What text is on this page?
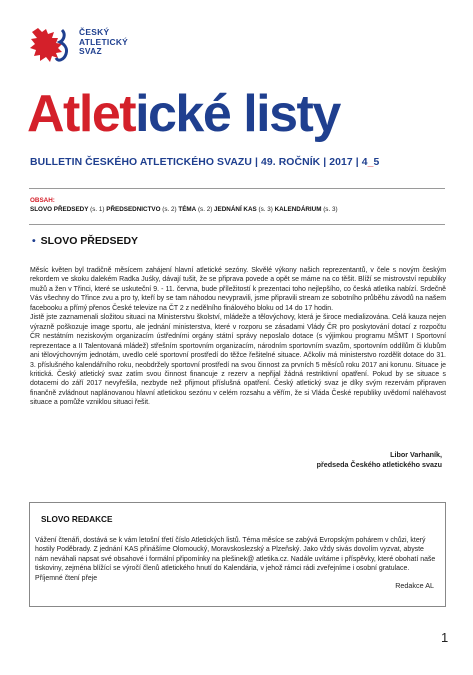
ČESKÝ
ATLETICKÝ
SVAZ
Atletické listy
BULLETIN ČESKÉHO ATLETICKÉHO SVAZU | 49. ROČNÍK | 2017 | 4_5
OBSAH:
SLOVO PŘEDSEDY (s. 1) PŘEDSEDNICTVO (s. 2) TÉMA (s. 2) JEDNÁNÍ KAS (s. 3) KALENDÁRIUM (s. 3)
• SLOVO PŘEDSEDY

Měsíc květen byl tradičně měsícem zahájení hlavní atletické sezóny. Skvělé výkony našich reprezentantů, v čele s novým českým rekordem ve skoku dalekém Radka Juśky, dávají tušit, že se připrava povede a opět se máme na co těšit. Blíží se mistrovství republiky mužů a žen v Třinci, které se uskuteční 9. - 11. června, bude příležitostí k prezentaci toho nejlepšího, co česká atletika nabízí. Srdečně Vás všechny do Třince zvu a pro ty, kteří by se tam náhodou nevypravili, jsme připravili stream ze sobotního průběhu závodů na našem facebooku a přímý přenos České televize na ČT 2 z nedělního finálového bloku od 14 do 17 hodin.

Jistě jste zaznamenali složitou situaci na Ministerstvu školství, mládeže a tělovýchovy, která je široce medializována. Celá kauza nejen výrazně poškozuje image sportu, ale jednání ministerstva, které v rozporu se zásadami Vlády ČR pro poskytování dotací z rozpočtu ČR nestátním neziskovým organizacím ústředními orgány státní správy neposlalo dotace (s výjimkou programu MŠMT I Sportovní reprezentace a II Talentovaná mládež) střešním sportovním organizacím, národním sportovním svazům, sportovním oddílům či klubům ani tělovýchovným jednotám, uvedlo celé sportovní prostředí do těžce řešitelné situace. Ačkoliv má ministerstvo rozdělit dotace do 31. 3. příslušného kalendářního roku, neobdržely sportovní prostředí na svou činnost za prvních 5 měsíců roku 2017 ani korunu. Situace je kritická. Český atletický svaz zatím svou činnost financuje z rezerv a nepřijal žádná restriktivní opatření. Pokud by se situace s dotacemi do září 2017 nevyřešila, nezbyde než přijmout příslušná opatření. Český atletický svaz je díky svým rezervám připraven finančně zvládnout naplánovanou hlavní atletickou sezónu v celém rozsahu a věřím, že si Vláda České republiky uvědomí naléhavost situace a pomůže vzniklou situaci řešit.

Libor Varhaník,
předseda Českého atletického svazu
SLOVO REDAKCE

Vážení čtenáři, dostává se k vám letošní třetí číslo Atletických listů. Téma měsíce se zabývá Evropským pohárem v chůzi, který hostily Poděbrady. Z jednání KAS přinášíme Olomoucký, Moravskoslezský a Plzeňský. Jako vždy sivás dovolím vyzvat, abyste nám neváhali napsat své obsahové i formální připomínky na plešinek@ atletika.cz. Nadále uvítáme i příspěvky, které obohatí naše tiskoviny, zejména blížící se výročí členů atletického hnutí do Kalendária, v jehož rámci rádi zveřejníme i osobní gratulace. Příjemné čtení přeje

Redakce AL
1
